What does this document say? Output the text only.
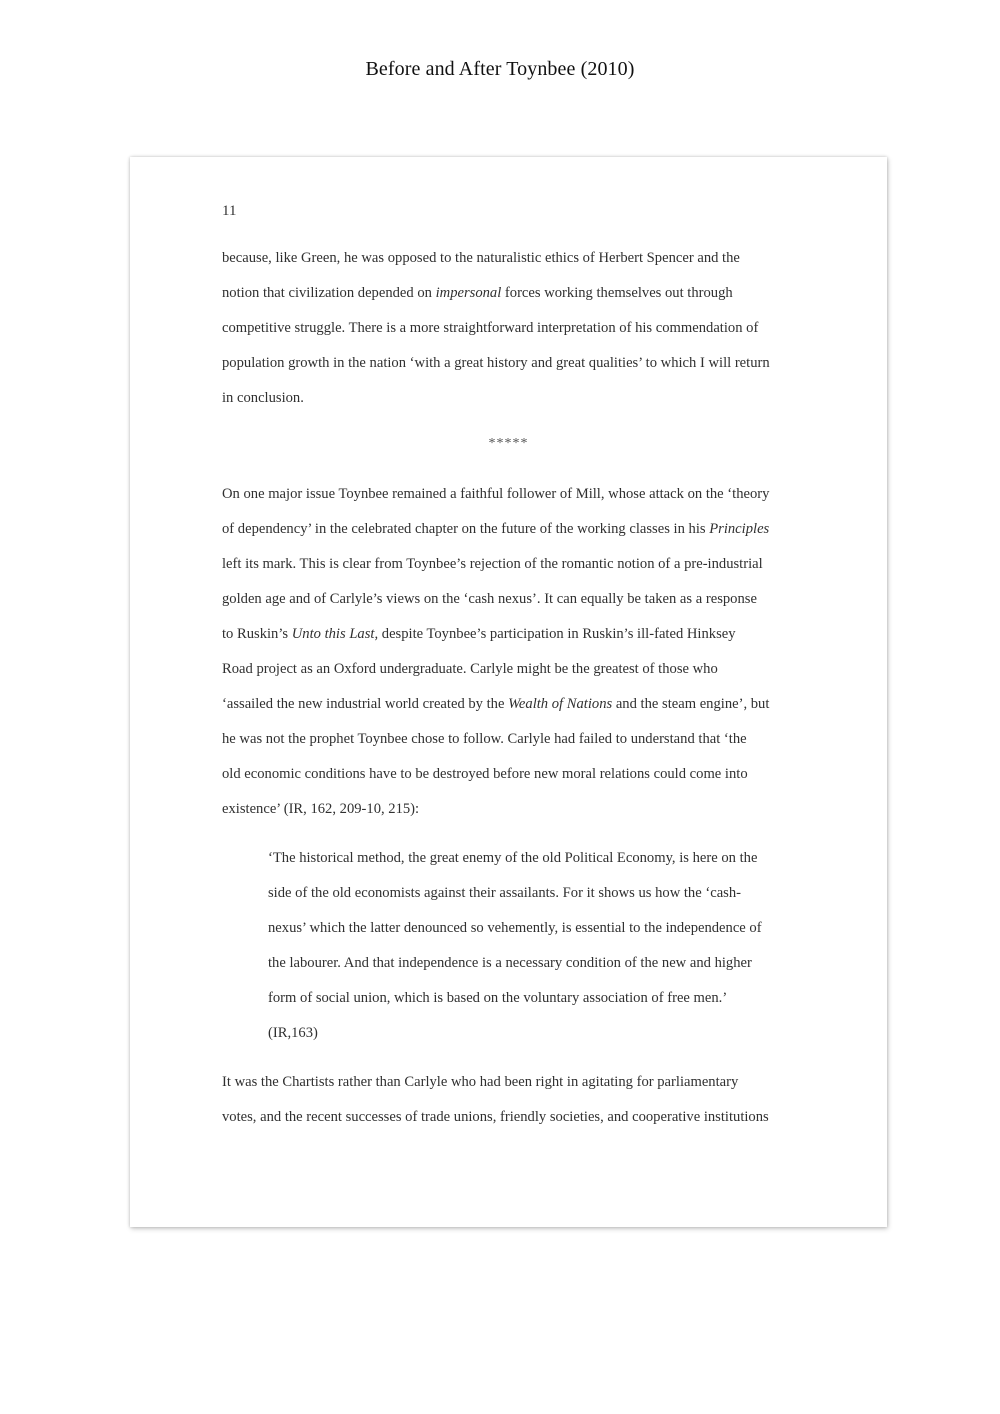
Before and After Toynbee (2010)
11
because, like Green, he was opposed to the naturalistic ethics of Herbert Spencer and the
notion that civilization depended on impersonal forces working themselves out through
competitive struggle. There is a more straightforward interpretation of his commendation of
population growth in the nation ‘with a great history and great qualities’ to which I will return
in conclusion.
*****
On one major issue Toynbee remained a faithful follower of Mill, whose attack on the ‘theory
of dependency’ in the celebrated chapter on the future of the working classes in his Principles
left its mark. This is clear from Toynbee’s rejection of the romantic notion of a pre-industrial
golden age and of Carlyle’s views on the ‘cash nexus’. It can equally be taken as a response
to Ruskin’s Unto this Last, despite Toynbee’s participation in Ruskin’s ill-fated Hinksey
Road project as an Oxford undergraduate. Carlyle might be the greatest of those who
‘assailed the new industrial world created by the Wealth of Nations and the steam engine’, but
he was not the prophet Toynbee chose to follow. Carlyle had failed to understand that ‘the
old economic conditions have to be destroyed before new moral relations could come into
existence’ (IR, 162, 209-10, 215):
‘The historical method, the great enemy of the old Political Economy, is here on the
side of the old economists against their assailants. For it shows us how the ‘cash-
nexus’ which the latter denounced so vehemently, is essential to the independence of
the labourer. And that independence is a necessary condition of the new and higher
form of social union, which is based on the voluntary association of free men.’
(IR,163)
It was the Chartists rather than Carlyle who had been right in agitating for parliamentary
votes, and the recent successes of trade unions, friendly societies, and cooperative institutions
